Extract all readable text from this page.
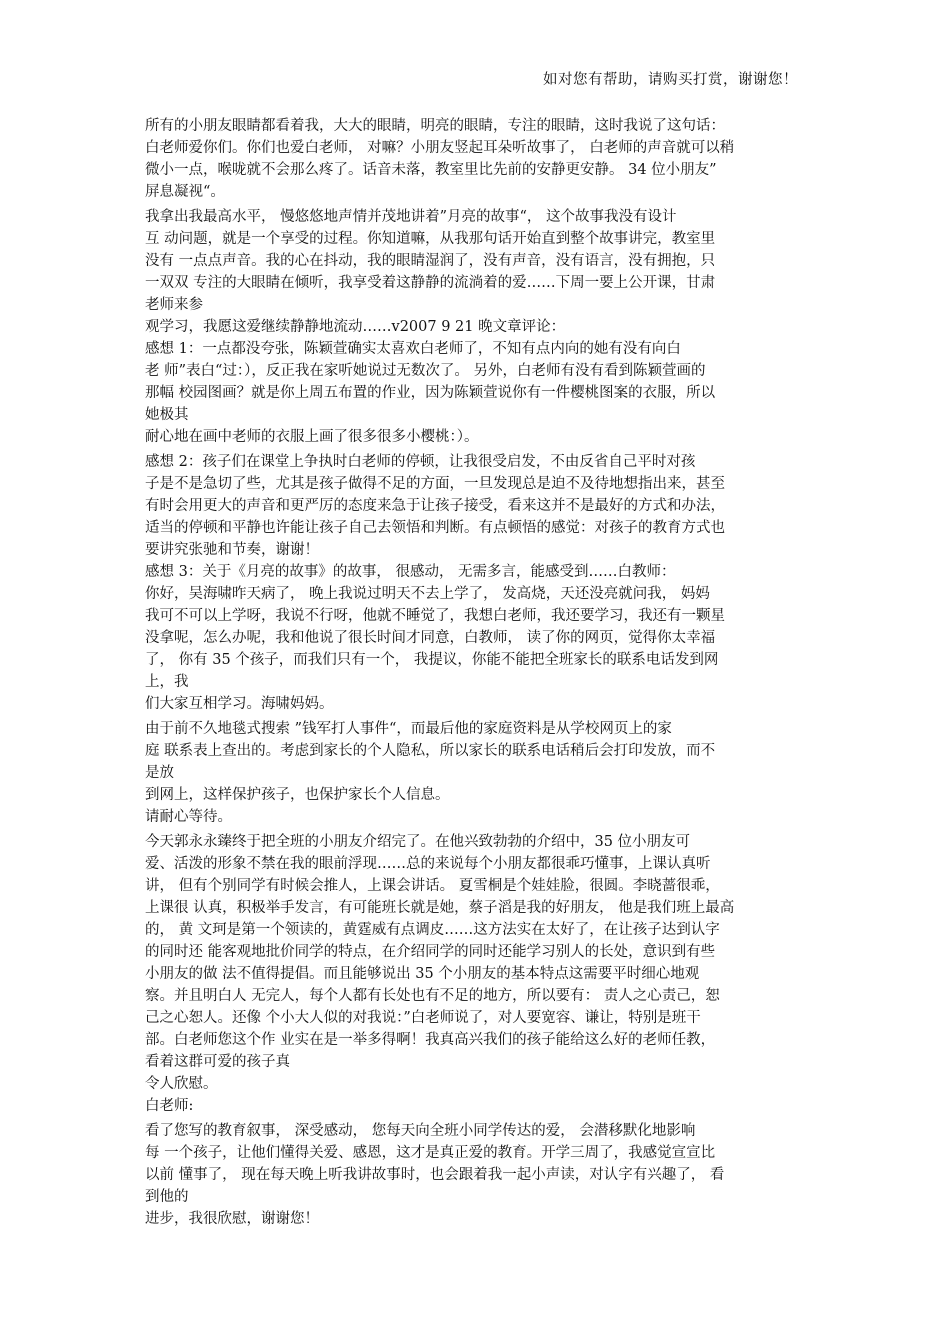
如对您有帮助，请购买打赏，谢谢您！
所有的小朋友眼睛都看着我，大大的眼睛，明亮的眼睛，专注的眼睛，这时我说了这句话：
白老师爱你们。你们也爱白老师， 对嘛？小朋友竖起耳朵听故事了， 白老师的声音就可以稍
微小一点，喉咙就不会那么疼了。话音未落，教室里比先前的安静更安静。 34 位小朋友”
屏息凝视“。
我拿出我最高水平， 慢悠悠地声情并茂地讲着”月亮的故事“， 这个故事我没有设计
互 动问题，就是一个享受的过程。你知道嘛，从我那句话开始直到整个故事讲完，教室里
没有 一点点声音。我的心在抖动，我的眼睛湿润了，没有声音，没有语言，没有拥抱，只
一双双 专注的大眼睛在倾听，我享受着这静静的流淌着的爱……下周一要上公开课，甘肃
老师来参
观学习，我愿这爱继续静静地流动……v2007 9 21 晚文章评论：
感想 1：一点都没夸张，陈颖萱确实太喜欢白老师了，不知有点内向的她有没有向白
老 师”表白“过：），反正我在家听她说过无数次了。 另外，白老师有没有看到陈颖萱画的
那幅 校园图画？就是你上周五布置的作业，因为陈颖萱说你有一件樱桃图案的衣服，所以
她极其
耐心地在画中老师的衣服上画了很多很多小樱桃：）。
感想 2：孩子们在课堂上争执时白老师的停顿，让我很受启发，不由反省自己平时对孩
子是不是急切了些，尤其是孩子做得不足的方面，一旦发现总是迫不及待地想指出来，甚至
有时会用更大的声音和更严厉的态度来急于让孩子接受，看来这并不是最好的方式和办法，
适当的停顿和平静也许能让孩子自己去领悟和判断。有点顿悟的感觉：对孩子的教育方式也
要讲究张驰和节奏，谢谢！
感想 3：关于《月亮的故事》的故事， 很感动， 无需多言，能感受到……白教师：
你好，吴海啸昨天病了， 晚上我说过明天不去上学了， 发高烧，天还没亮就问我， 妈妈
我可不可以上学呀，我说不行呀，他就不睡觉了，我想白老师，我还要学习，我还有一颗星
没拿呢，怎么办呢，我和他说了很长时间才同意，白教师， 读了你的网页，觉得你太幸福
了， 你有 35 个孩子，而我们只有一个， 我提议，你能不能把全班家长的联系电话发到网
上，我
们大家互相学习。海啸妈妈。
由于前不久地毯式搜索 ”钱军打人事件“，而最后他的家庭资料是从学校网页上的家
庭 联系表上查出的。考虑到家长的个人隐私，所以家长的联系电话稍后会打印发放，而不
是放
到网上，这样保护孩子，也保护家长个人信息。
请耐心等待。
今天郭永永臻终于把全班的小朋友介绍完了。在他兴致勃勃的介绍中，35 位小朋友可
爱、活泼的形象不禁在我的眼前浮现……总的来说每个小朋友都很乖巧懂事，上课认真听
讲， 但有个别同学有时候会推人，上课会讲话。 夏雪桐是个娃娃脸，很圆。李晓蔷很乖，
上课很 认真，积极举手发言，有可能班长就是她，蔡子滔是我的好朋友， 他是我们班上最高
的， 黄 文珂是第一个领读的，黄霆威有点调皮……这方法实在太好了，在让孩子达到认字
的同时还 能客观地批价同学的特点，在介绍同学的同时还能学习别人的长处，意识到有些
小朋友的做 法不值得提倡。而且能够说出 35 个小朋友的基本特点这需要平时细心地观
察。并且明白人 无完人，每个人都有长处也有不足的地方，所以要有： 责人之心责己，恕
己之心恕人。还像 个小大人似的对我说：”白老师说了，对人要宽容、谦让，特别是班干
部。白老师您这个作 业实在是一举多得啊！我真高兴我们的孩子能给这么好的老师任教，
看着这群可爱的孩子真
令人欣慰。
白老师:
看了您写的教育叙事， 深受感动， 您每天向全班小同学传达的爱， 会潜移默化地影响
每 一个孩子，让他们懂得关爱、感恩，这才是真正爱的教育。开学三周了，我感觉宣宣比
以前 懂事了， 现在每天晚上听我讲故事时，也会跟着我一起小声读，对认字有兴趣了， 看
到他的
进步，我很欣慰，谢谢您！
